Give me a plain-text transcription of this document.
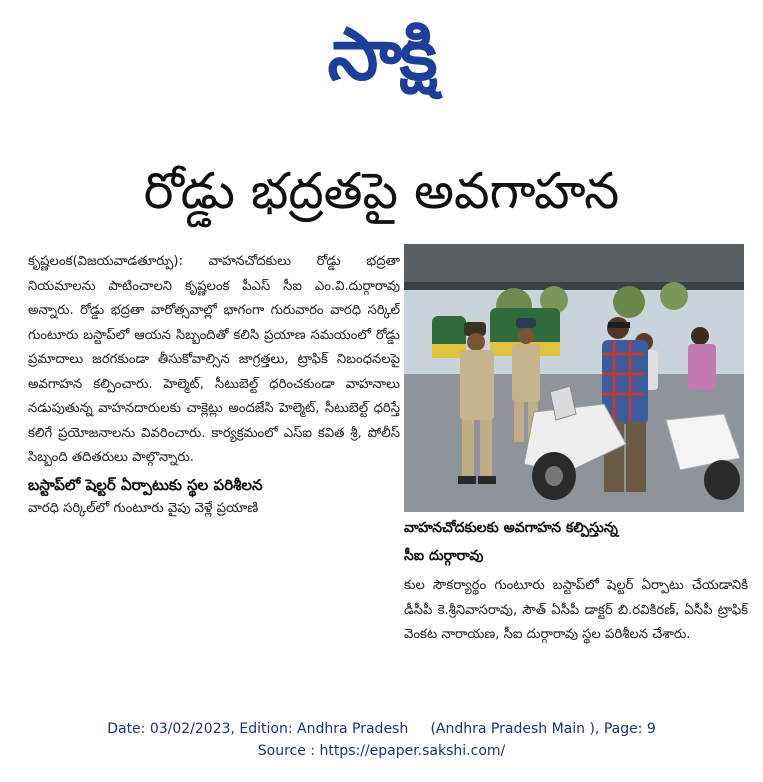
సాక్షి
రోడ్డు భద్రతపై అవగాహన

కృష్ణలంక(విజయవాడతూర్పు): వాహనచోదకులు రోడ్డు భద్రతా నియమాలను పాటించాలని కృష్ణలంక పీఎస్ సీఐ ఎం.వి.దుర్గారావు అన్నారు. రోడ్డు భద్రతా వారోత్సవాల్లో భాగంగా గురువారం వారధి సర్కిల్ గుంటూరు బస్టాప్‌లో ఆయన సిబ్బందితో కలిసి ప్రయాణ సమయంలో రోడ్డు ప్రమాదాలు జరగకుండా తీసుకోవాల్సిన జాగ్రత్తలు, ట్రాఫిక్ నిబంధనలపై అవగాహన కల్పించారు. హెల్మెట్, సీటుబెల్ట్ ధరించకుండా వాహనాలు నడుపుతున్న వాహనదారులకు చాక్లెట్లు అందజేసి హెల్మెట్, సీటుబెల్ట్ ధరిస్తే కలిగే ప్రయోజనాలను వివరించారు. కార్యక్రమంలో ఎస్ఐ కవిత శ్రీ, పోలీస్ సిబ్బంది తదితరులు పాల్గొన్నారు.

బస్టాప్‌లో షెల్టర్ ఏర్పాటుకు స్థల పరిశీలన

వారధి సర్కిల్‌లో గుంటూరు వైపు వెళ్లే ప్రయాణి

వాహనచోదకులకు అవగాహన కల్పిస్తున్న
సీఐ దుర్గారావు

కుల సౌకర్యార్థం గుంటూరు బస్టాప్‌లో షెల్టర్ ఏర్పాటు చేయడానికి డీసీపీ కె.శ్రీనివాసరావు, సౌత్ ఏసీపీ డాక్టర్ బి.రవికిరణ్, ఏసీపీ ట్రాఫిక్ వెంకట నారాయణ, సీఐ దుర్గారావు స్థల పరిశీలన చేశారు.

Date: 03/02/2023, Edition: Andhra Pradesh     (Andhra Pradesh Main ), Page: 9
Source : https://epaper.sakshi.com/
